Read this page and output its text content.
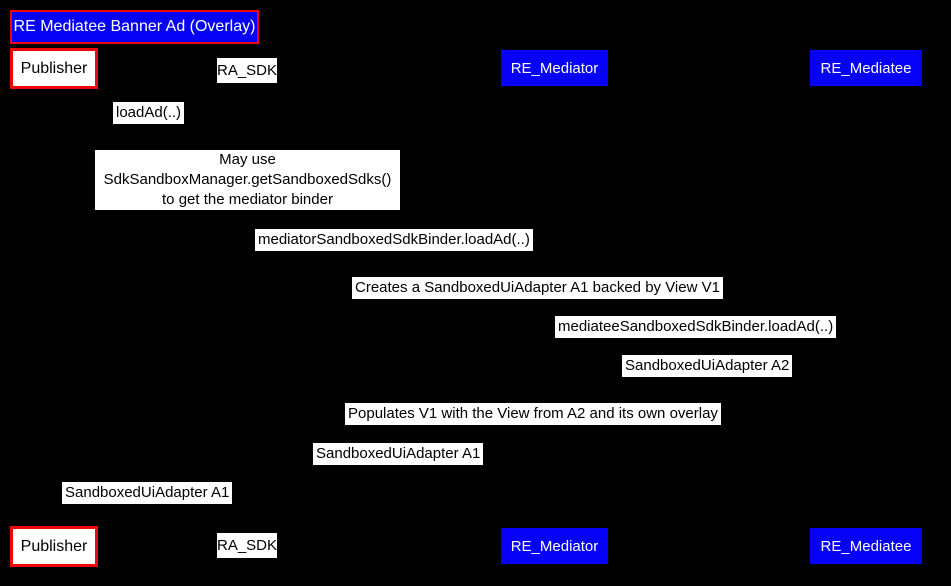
RE Mediatee Banner Ad (Overlay)
Publisher	RA_SDK	RE_Mediator	RE_Mediatee
loadAd(..)
May use
SdkSandboxManager.getSandboxedSdks()
to get the mediator binder
mediatorSandboxedSdkBinder.loadAd(..)
Creates a SandboxedUiAdapter A1 backed by View V1
mediateeSandboxedSdkBinder.loadAd(..)
SandboxedUiAdapter A2
Populates V1 with the View from A2 and its own overlay
SandboxedUiAdapter A1
SandboxedUiAdapter A1
Publisher	RA_SDK	RE_Mediator	RE_Mediatee
